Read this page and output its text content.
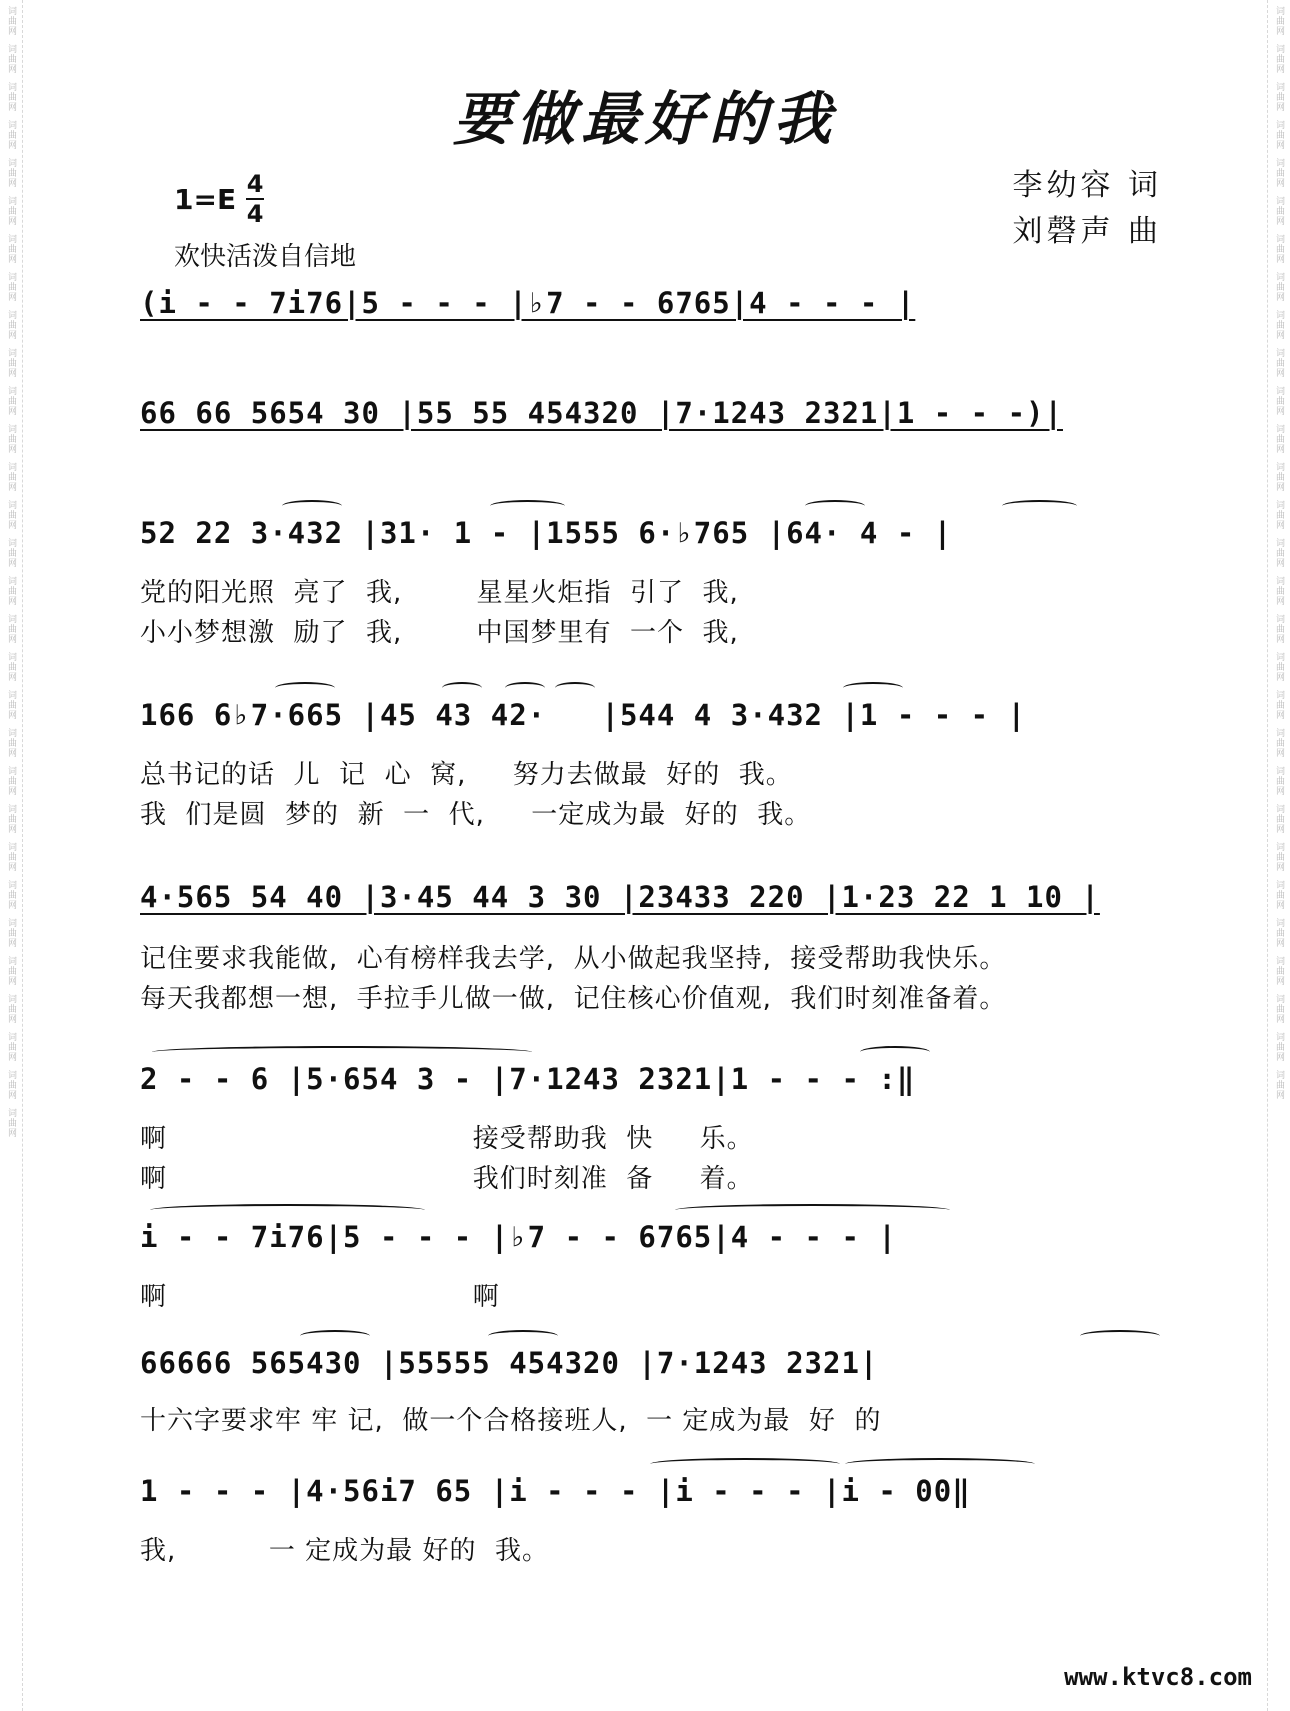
词曲网
词曲网
词曲网
词曲网
词曲网
词曲网
词曲网
词曲网
词曲网
词曲网
词曲网
词曲网
词曲网
词曲网
词曲网
词曲网
词曲网
词曲网
词曲网
词曲网
词曲网
词曲网
词曲网
词曲网
词曲网
词曲网
词曲网
词曲网
词曲网
词曲网
词曲网
词曲网
词曲网
词曲网
词曲网
词曲网
词曲网
词曲网
词曲网
词曲网
词曲网
词曲网
词曲网
词曲网
词曲网
词曲网
词曲网
词曲网
词曲网
词曲网
词曲网
词曲网
词曲网
词曲网
词曲网
词曲网
词曲网
词曲网
词曲网
要做最好的我
$1=E \frac{4}{4}$
欢快活泼自信地
李幼容 词
刘磬声 曲
(i - - 7i76|5 - - - |♭7 - - 6765|4 - - - |
66 66 5654 30 |55 55 454320 |7·1243 2321|1 - - -)|
52 22 3·432 |31· 1 - |1555 6·♭765 |64· 4 - |
党的阳光照  亮了  我,        星星火炬指  引了  我,
小小梦想激  励了  我,        中国梦里有  一个  我,
166 6♭7·665 |45 43 42·   |544 4 3·432 |1 - - - |
总书记的话  儿  记  心  窝,     努力去做最  好的  我。
我  们是圆  梦的  新  一  代,     一定成为最  好的  我。
4·565 54 40 |3·45 44 3 30 |23433 220 |1·23 22 1 10 |
记住要求我能做,  心有榜样我去学,  从小做起我坚持,  接受帮助我快乐。
每天我都想一想,  手拉手儿做一做,  记住核心价值观,  我们时刻准备着。
2 - - 6 |5·654 3 - |7·1243 2321|1 - - - :‖
啊                                 接受帮助我  快     乐。
啊                                 我们时刻准  备     着。
i - - 7i76|5 - - - |♭7 - - 6765|4 - - - |
啊                                 啊
66666 565430 |55555 454320 |7·1243 2321|
十六字要求牢 牢 记,  做一个合格接班人,  一 定成为最  好  的
1 - - - |4·56i7 65 |i - - - |i - - - |i - 00‖
我,          一 定成为最 好的  我。
www.ktvc8.com
